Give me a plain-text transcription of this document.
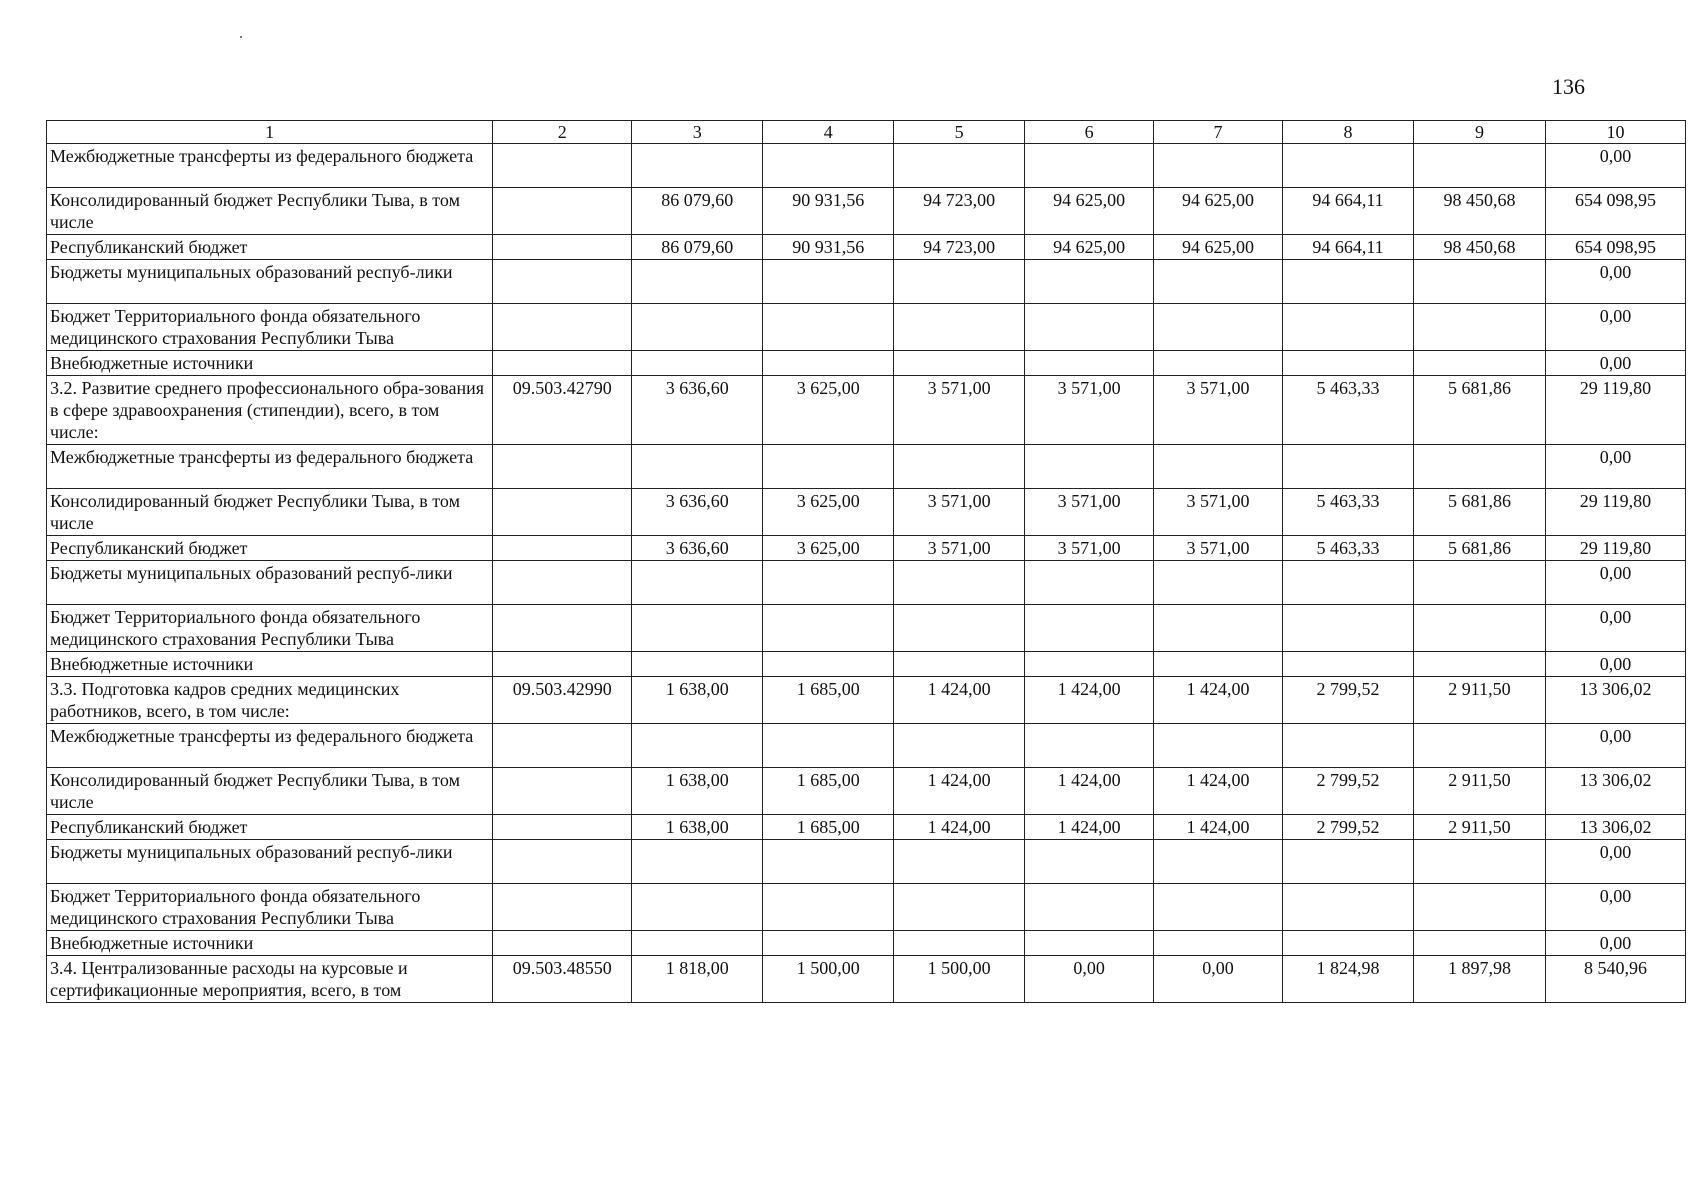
136
1	2	3	4	5	6	7	8	9	10
Межбюджетные трансферты из федерального бюджета									0,00
Консолидированный бюджет Республики Тыва, в том числе		86 079,60	90 931,56	94 723,00	94 625,00	94 625,00	94 664,11	98 450,68	654 098,95
Республиканский бюджет		86 079,60	90 931,56	94 723,00	94 625,00	94 625,00	94 664,11	98 450,68	654 098,95
Бюджеты муниципальных образований респуб-лики									0,00
Бюджет Территориального фонда обязательного медицинского страхования Республики Тыва									0,00
Внебюджетные источники									0,00
3.2. Развитие среднего профессионального обра-зования в сфере здравоохранения (стипендии), всего, в том числе:	09.503.42790	3 636,60	3 625,00	3 571,00	3 571,00	3 571,00	5 463,33	5 681,86	29 119,80
Межбюджетные трансферты из федерального бюджета									0,00
Консолидированный бюджет Республики Тыва, в том числе		3 636,60	3 625,00	3 571,00	3 571,00	3 571,00	5 463,33	5 681,86	29 119,80
Республиканский бюджет		3 636,60	3 625,00	3 571,00	3 571,00	3 571,00	5 463,33	5 681,86	29 119,80
Бюджеты муниципальных образований респуб-лики									0,00
Бюджет Территориального фонда обязательного медицинского страхования Республики Тыва									0,00
Внебюджетные источники									0,00
3.3. Подготовка кадров средних медицинских работников, всего, в том числе:	09.503.42990	1 638,00	1 685,00	1 424,00	1 424,00	1 424,00	2 799,52	2 911,50	13 306,02
Межбюджетные трансферты из федерального бюджета									0,00
Консолидированный бюджет Республики Тыва, в том числе		1 638,00	1 685,00	1 424,00	1 424,00	1 424,00	2 799,52	2 911,50	13 306,02
Республиканский бюджет		1 638,00	1 685,00	1 424,00	1 424,00	1 424,00	2 799,52	2 911,50	13 306,02
Бюджеты муниципальных образований респуб-лики									0,00
Бюджет Территориального фонда обязательного медицинского страхования Республики Тыва									0,00
Внебюджетные источники									0,00
3.4. Централизованные расходы на курсовые и сертификационные мероприятия, всего, в том	09.503.48550	1 818,00	1 500,00	1 500,00	0,00	0,00	1 824,98	1 897,98	8 540,96
